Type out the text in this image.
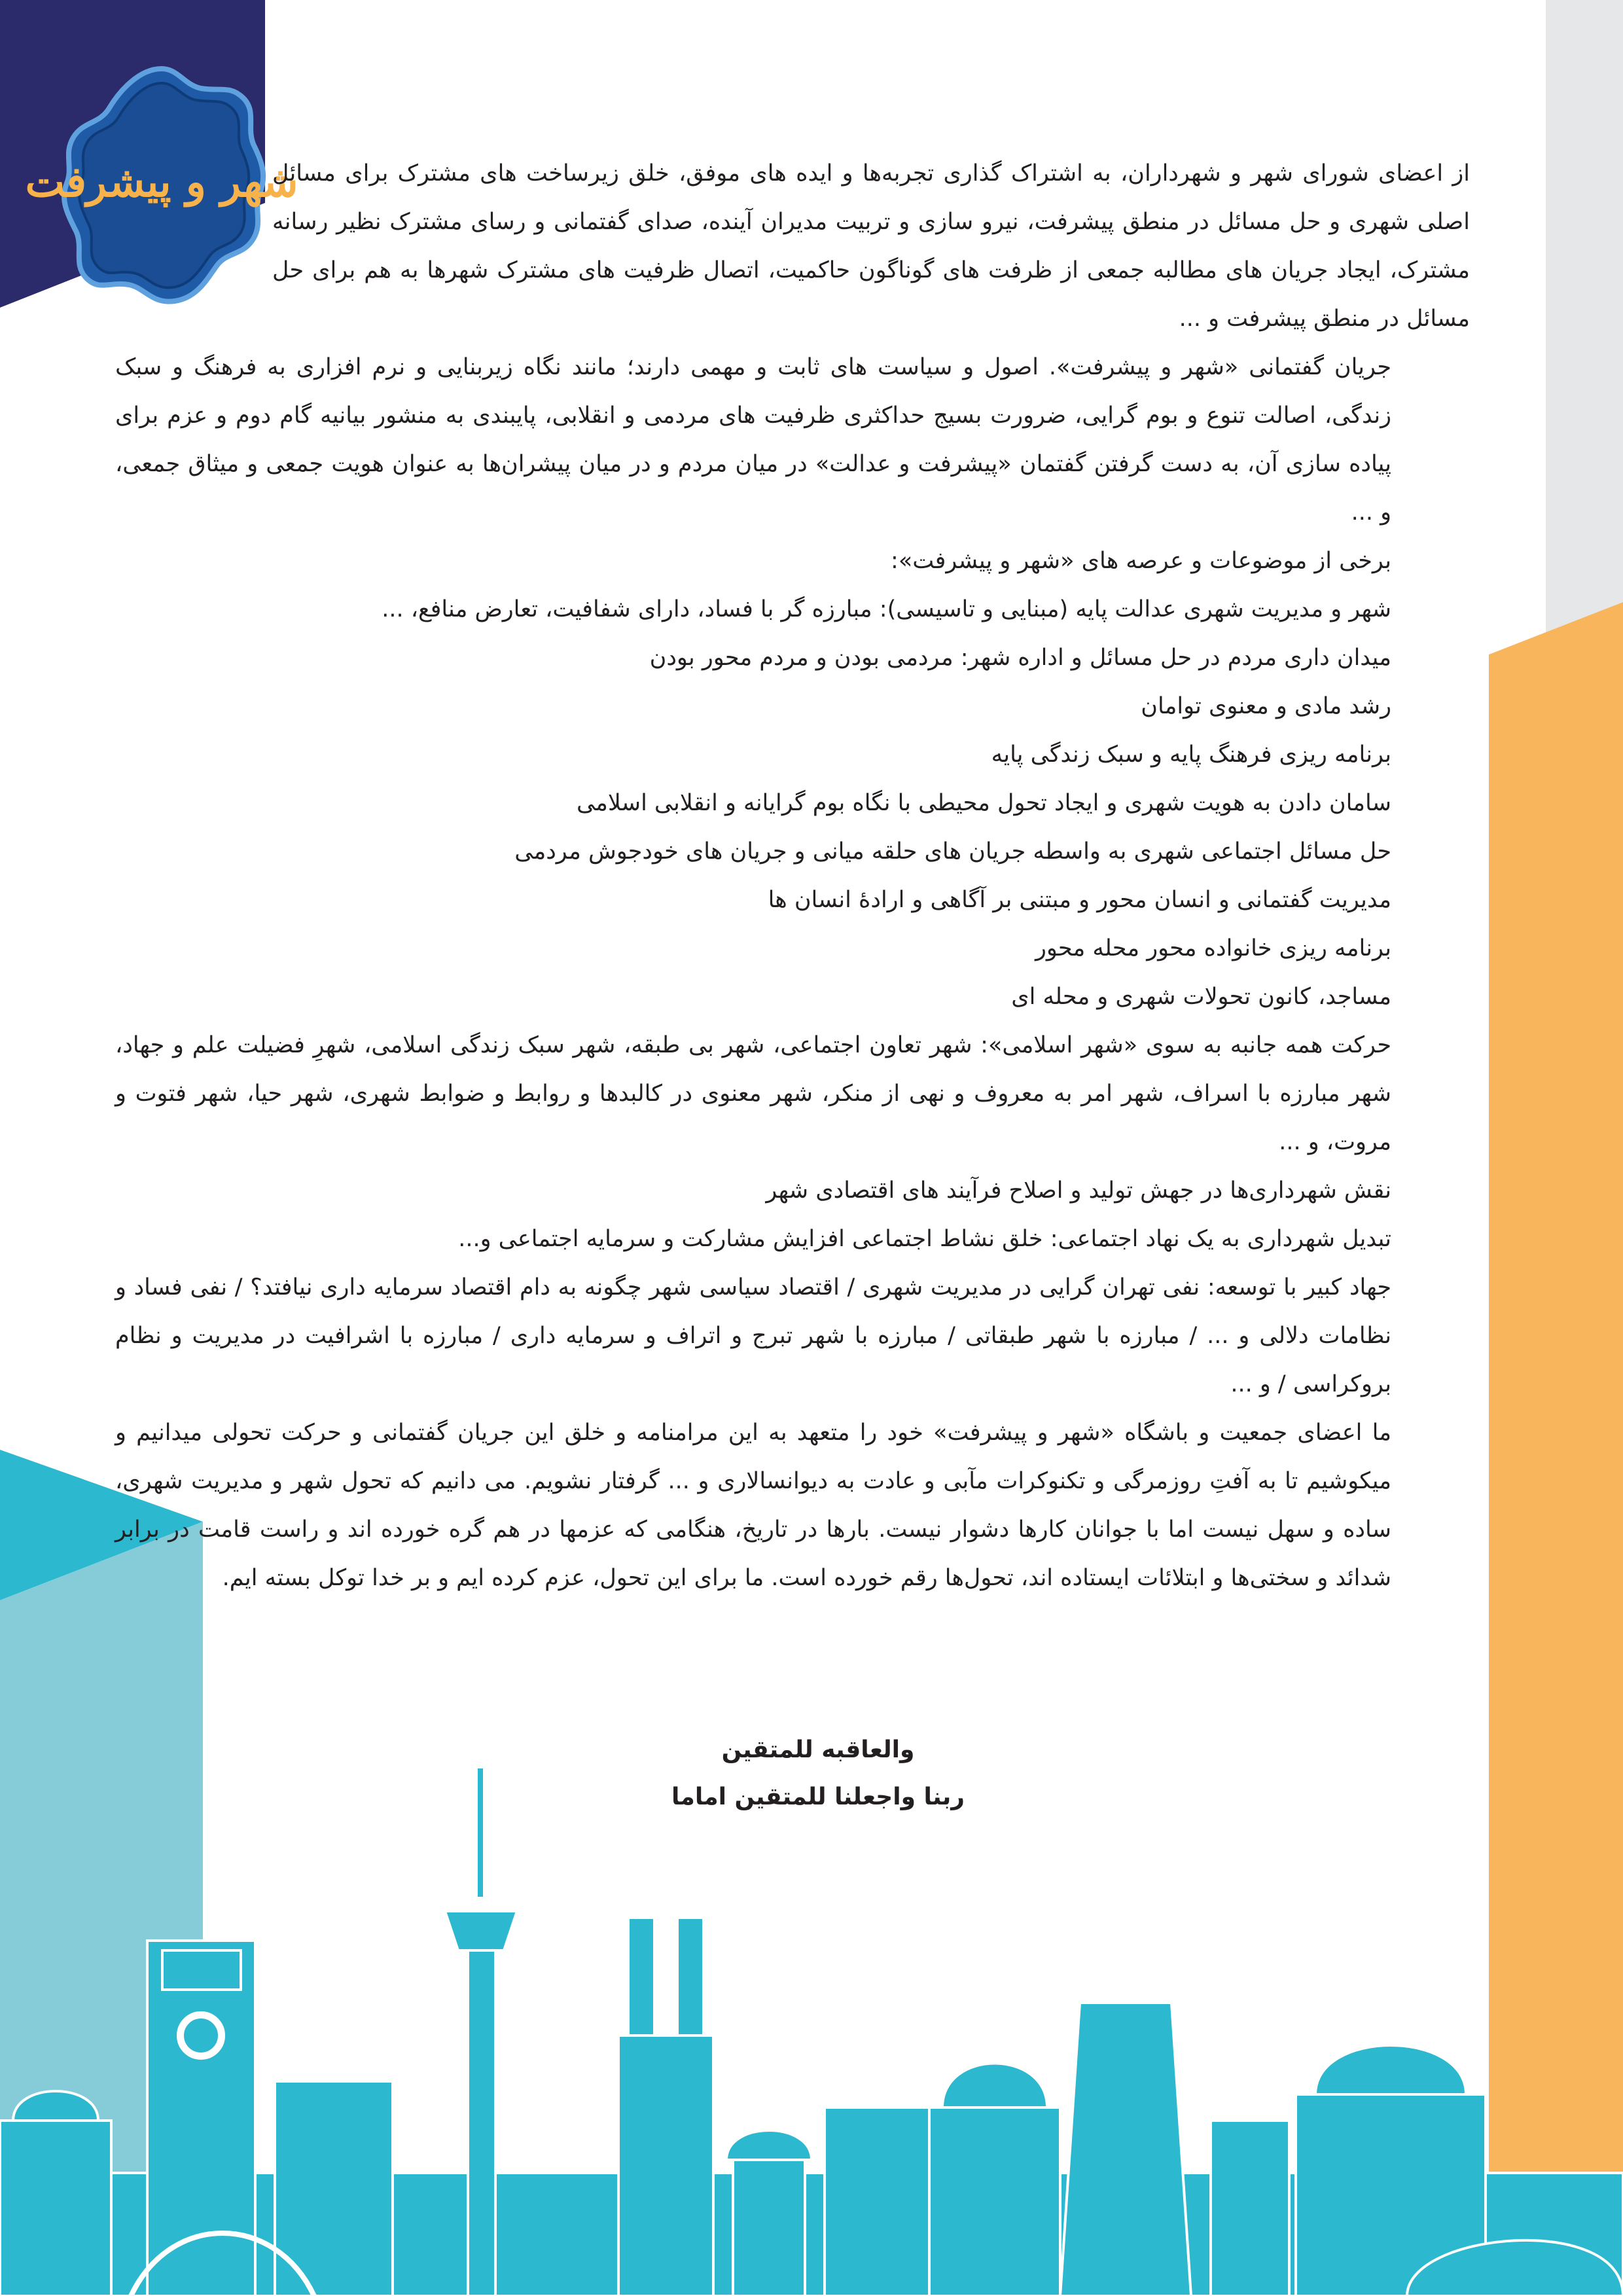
شهر و پیشرفت

از اعضای شورای شهر و شهرداران، به اشتراک گذاری تجربه‌ها و ایده های موفق، خلق زیرساخت های مشترک برای مسائل اصلی شهری و حل مسائل در منطق پیشرفت، نیرو سازی و تربیت مدیران آینده، صدای گفتمانی و رسای مشترک نظیر رسانه مشترک، ایجاد جریان های مطالبه جمعی از ظرفت های گوناگون حاکمیت، اتصال ظرفیت های مشترک شهرها به هم برای حل مسائل در منطق پیشرفت و ...

جریان گفتمانی «شهر و پیشرفت». اصول و سیاست های ثابت و مهمی دارند؛ مانند نگاه زیربنایی و نرم افزاری به فرهنگ و سبک زندگی، اصالت تنوع و بوم گرایی، ضرورت بسیج حداکثری ظرفیت های مردمی و انقلابی، پایبندی به منشور بیانیه گام دوم و عزم برای پیاده سازی آن، به دست گرفتن گفتمان «پیشرفت و عدالت» در میان مردم و در میان پیشران‌ها به عنوان هویت جمعی و میثاق جمعی، و ...

برخی از موضوعات و عرصه های «شهر و پیشرفت»:

شهر و مدیریت شهری عدالت پایه (مبنایی و تاسیسی): مبارزه گر با فساد، دارای شفافیت، تعارض منافع، ...

میدان داری مردم در حل مسائل و اداره شهر: مردمی بودن و مردم محور بودن

رشد مادی و معنوی توامان

برنامه ریزی فرهنگ پایه و سبک زندگی پایه

سامان دادن به هویت شهری و ایجاد تحول محیطی با نگاه بوم گرایانه و انقلابی اسلامی

حل مسائل اجتماعی شهری به واسطه جریان های حلقه میانی و جریان های خودجوش مردمی

مدیریت گفتمانی و انسان محور و مبتنی بر آگاهی و ارادۀ انسان ها

برنامه ریزی خانواده محور محله محور

مساجد، کانون تحولات شهری و محله ای

حرکت همه جانبه به سوی «شهر اسلامی»: شهر تعاون اجتماعی، شهر بی طبقه، شهر سبک زندگی اسلامی، شهرِ فضیلت علم و جهاد، شهر مبارزه با اسراف، شهر امر به معروف و نهی از منکر، شهر معنوی در کالبدها و روابط و ضوابط شهری، شهر حیا، شهر فتوت و مروت، و ...

نقش شهرداری‌ها در جهش تولید و اصلاح فرآیند های اقتصادی شهر

تبدیل شهرداری به یک نهاد اجتماعی: خلق نشاط اجتماعی افزایش مشارکت و سرمایه اجتماعی و...

جهاد کبیر با توسعه: نفی تهران گرایی در مدیریت شهری / اقتصاد سیاسی شهر چگونه به دام اقتصاد سرمایه داری نیافتد؟ / نفی فساد و نظامات دلالی و ... / مبارزه با شهر طبقاتی / مبارزه با شهر تبرج و اتراف و سرمایه داری / مبارزه با اشرافیت در مدیریت و نظام بروکراسی / و ...

ما اعضای جمعیت و باشگاه «شهر و پیشرفت» خود را متعهد به این مرامنامه و خلق این جریان گفتمانی و حرکت تحولی میدانیم و میکوشیم تا به آفتِ روزمرگی و تکنوکرات مآبی و عادت به دیوانسالاری و ... گرفتار نشویم. می دانیم که تحول شهر و مدیریت شهری، ساده و سهل نیست اما با جوانان کارها دشوار نیست. بارها در تاریخ، هنگامی که عزمها در هم گره خورده اند و راست قامت در برابر شدائد و سختی‌ها و ابتلائات ایستاده اند، تحول‌ها رقم خورده است. ما برای این تحول، عزم کرده ایم و بر خدا توکل بسته ایم.

والعاقبه للمتقین
ربنا واجعلنا للمتقین اماما
